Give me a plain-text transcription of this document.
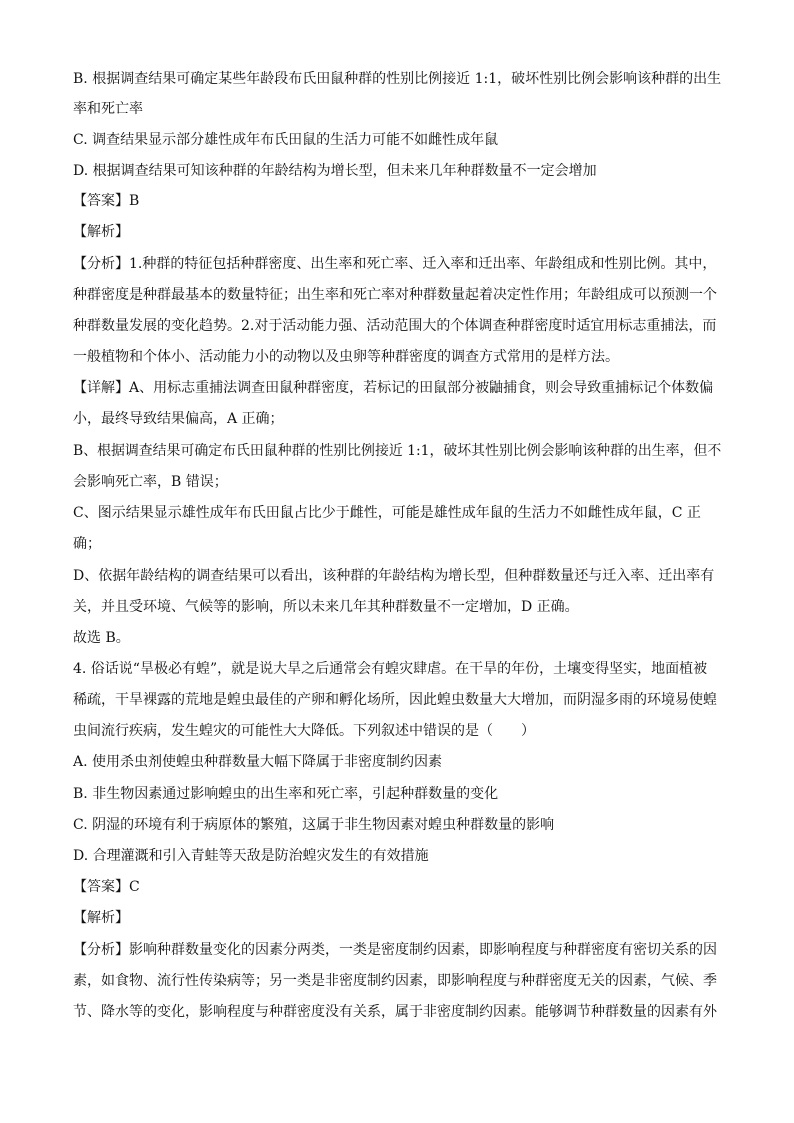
B. 根据调查结果可确定某些年龄段布氏田鼠种群的性别比例接近 1:1，破坏性别比例会影响该种群的出生
率和死亡率
C. 调查结果显示部分雄性成年布氏田鼠的生活力可能不如雌性成年鼠
D. 根据调查结果可知该种群的年龄结构为增长型，但未来几年种群数量不一定会增加
【答案】B
【解析】
【分析】1.种群的特征包括种群密度、出生率和死亡率、迁入率和迁出率、年龄组成和性别比例。其中，
种群密度是种群最基本的数量特征；出生率和死亡率对种群数量起着决定性作用；年龄组成可以预测一个
种群数量发展的变化趋势。2.对于活动能力强、活动范围大的个体调查种群密度时适宜用标志重捕法，而
一般植物和个体小、活动能力小的动物以及虫卵等种群密度的调查方式常用的是样方法。
【详解】A、用标志重捕法调查田鼠种群密度，若标记的田鼠部分被鼬捕食，则会导致重捕标记个体数偏
小，最终导致结果偏高，A 正确；
B、根据调查结果可确定布氏田鼠种群的性别比例接近 1:1，破坏其性别比例会影响该种群的出生率，但不
会影响死亡率，B 错误；
C、图示结果显示雄性成年布氏田鼠占比少于雌性，可能是雄性成年鼠的生活力不如雌性成年鼠，C 正
确；
D、依据年龄结构的调查结果可以看出，该种群的年龄结构为增长型，但种群数量还与迁入率、迁出率有
关，并且受环境、气候等的影响，所以未来几年其种群数量不一定增加，D 正确。
故选 B。
4. 俗话说“旱极必有蝗”，就是说大旱之后通常会有蝗灾肆虐。在干旱的年份，土壤变得坚实，地面植被
稀疏，干旱裸露的荒地是蝗虫最佳的产卵和孵化场所，因此蝗虫数量大大增加，而阴湿多雨的环境易使蝗
虫间流行疾病，发生蝗灾的可能性大大降低。下列叙述中错误的是（　　）
A. 使用杀虫剂使蝗虫种群数量大幅下降属于非密度制约因素
B. 非生物因素通过影响蝗虫的出生率和死亡率，引起种群数量的变化
C. 阴湿的环境有利于病原体的繁殖，这属于非生物因素对蝗虫种群数量的影响
D. 合理灌溉和引入青蛙等天敌是防治蝗灾发生的有效措施
【答案】C
【解析】
【分析】影响种群数量变化的因素分两类，一类是密度制约因素，即影响程度与种群密度有密切关系的因
素，如食物、流行性传染病等；另一类是非密度制约因素，即影响程度与种群密度无关的因素，气候、季
节、降水等的变化，影响程度与种群密度没有关系，属于非密度制约因素。能够调节种群数量的因素有外
